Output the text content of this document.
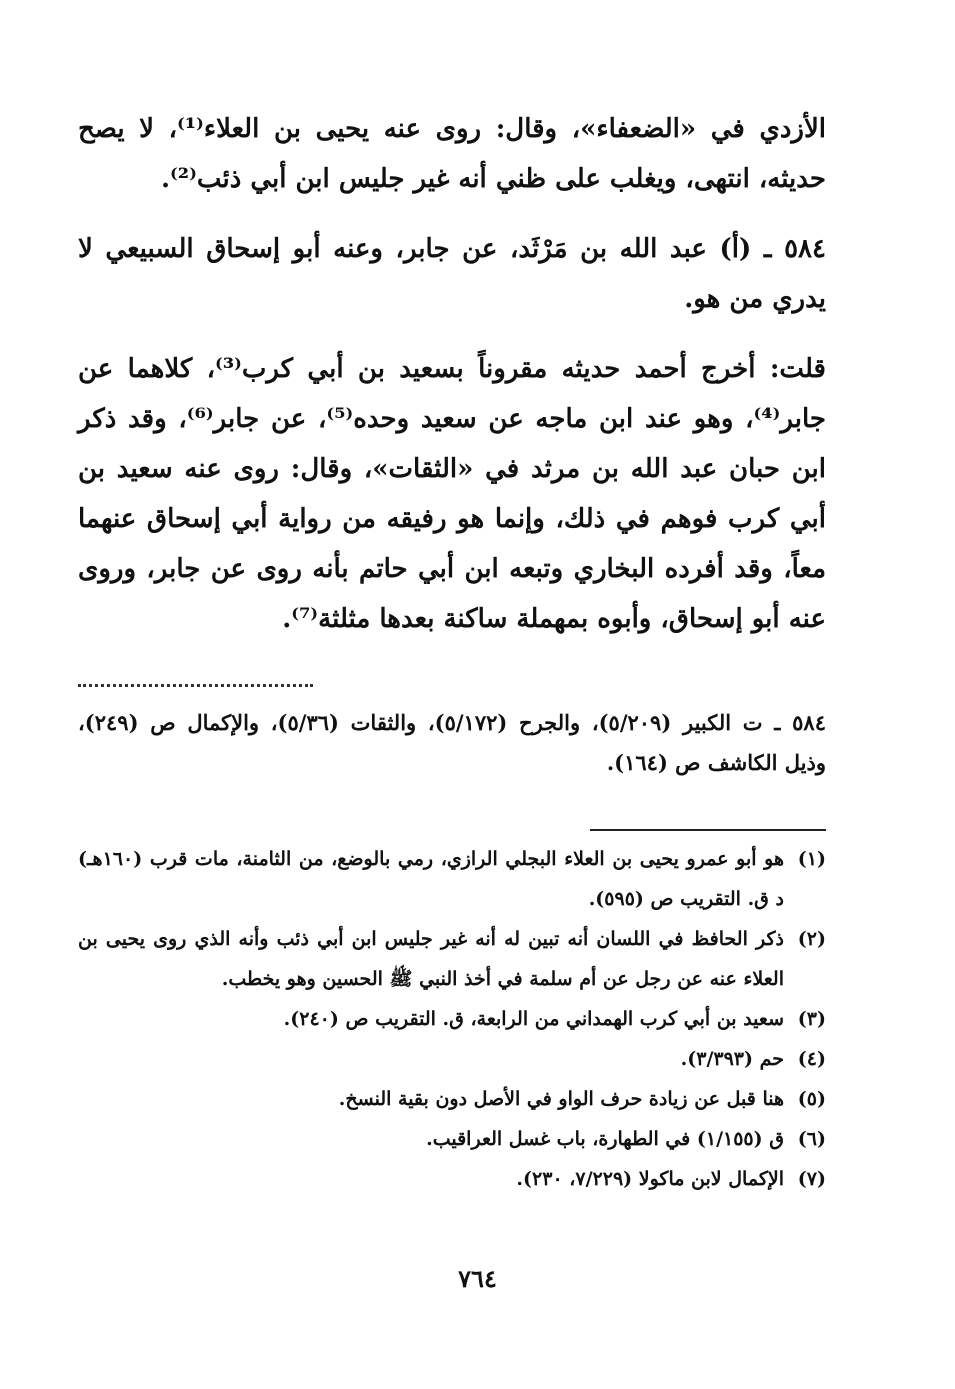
الأزدي في «الضعفاء»، وقال: روى عنه يحيى بن العلاء⁽¹⁾، لا يصح حديثه، انتهى، ويغلب على ظني أنه غير جليس ابن أبي ذئب⁽²⁾.

٥٨٤ ـ (أ) عبد الله بن مَرْثَد، عن جابر، وعنه أبو إسحاق السبيعي لا يدري من هو.

قلت: أخرج أحمد حديثه مقروناً بسعيد بن أبي كرب⁽³⁾، كلاهما عن جابر⁽⁴⁾، وهو عند ابن ماجه عن سعيد وحده⁽⁵⁾، عن جابر⁽⁶⁾، وقد ذكر ابن حبان عبد الله بن مرثد في «الثقات»، وقال: روى عنه سعيد بن أبي كرب فوهم في ذلك، وإنما هو رفيقه من رواية أبي إسحاق عنهما معاً، وقد أفرده البخاري وتبعه ابن أبي حاتم بأنه روى عن جابر، وروى عنه أبو إسحاق، وأبوه بمهملة ساكنة بعدها مثلثة⁽⁷⁾.

٥٨٤ ـ ت الكبير (٥/٢٠٩)، والجرح (٥/١٧٢)، والثقات (٥/٣٦)، والإكمال ص (٢٤٩)، وذيل الكاشف ص (١٦٤).
(١)
هو أبو عمرو يحيى بن العلاء البجلي الرازي، رمي بالوضع، من الثامنة، مات قرب (١٦٠هـ) د ق. التقريب ص (٥٩٥).
(٢)
ذكر الحافظ في اللسان أنه تبين له أنه غير جليس ابن أبي ذئب وأنه الذي روى يحيى بن العلاء عنه عن رجل عن أم سلمة في أخذ النبي ﷺ الحسين وهو يخطب.
(٣)
سعيد بن أبي كرب الهمداني من الرابعة، ق. التقريب ص (٢٤٠).
(٤)
حم (٣/٣٩٣).
(٥)
هنا قبل عن زيادة حرف الواو في الأصل دون بقية النسخ.
(٦)
ق (١/١٥٥) في الطهارة، باب غسل العراقيب.
(٧)
الإكمال لابن ماكولا (٧/٢٢٩، ٢٣٠).
٧٦٤
